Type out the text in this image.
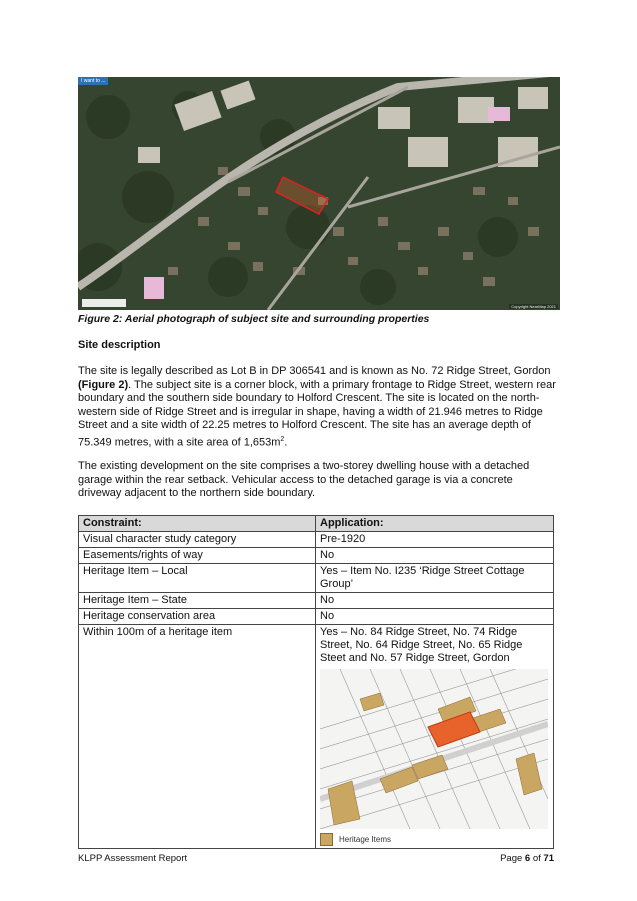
I want to ...
Copyright NearMap 2021
Figure 2: Aerial photograph of subject site and surrounding properties
Site description
The site is legally described as Lot B in DP 306541 and is known as No. 72 Ridge Street, Gordon (Figure 2). The subject site is a corner block, with a primary frontage to Ridge Street, western rear boundary and the southern side boundary to Holford Crescent. The site is located on the north-western side of Ridge Street and is irregular in shape, having a width of 21.946 metres to Ridge Street and a site width of 22.25 metres to Holford Crescent. The site has an average depth of 75.349 metres, with a site area of $1,653m^2$.
The existing development on the site comprises a two-storey dwelling house with a detached garage within the rear setback. Vehicular access to the detached garage is via a concrete driveway adjacent to the northern side boundary.
Constraint:	Application:
Visual character study category	Pre-1920
Easements/rights of way	No
Heritage Item – Local	Yes – Item No. I235 ‘Ridge Street Cottage Group’
Heritage Item – State	No
Heritage conservation area	No
Within 100m of a heritage item	Yes – No. 84 Ridge Street, No. 74 Ridge Street, No. 64 Ridge Street, No. 65 Ridge Steet and No. 57 Ridge Street, Gordon
Heritage Items
KLPP Assessment Report	Page 6 of 71
